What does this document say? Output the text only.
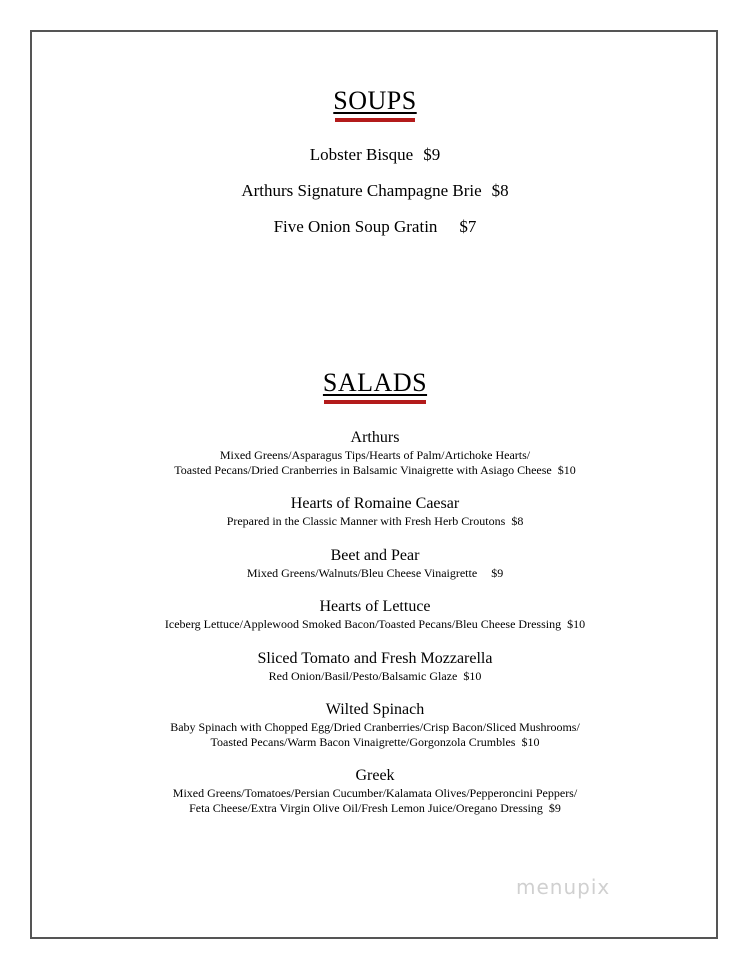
SOUPS
Lobster Bisque $9
Arthurs Signature Champagne Brie $8
Five Onion Soup Gratin $7
SALADS
Arthurs
Mixed Greens/Asparagus Tips/Hearts of Palm/Artichoke Hearts/
Toasted Pecans/Dried Cranberries in Balsamic Vinaigrette with Asiago Cheese $10
Hearts of Romaine Caesar
Prepared in the Classic Manner with Fresh Herb Croutons $8
Beet and Pear
Mixed Greens/Walnuts/Bleu Cheese Vinaigrette $9
Hearts of Lettuce
Iceberg Lettuce/Applewood Smoked Bacon/Toasted Pecans/Bleu Cheese Dressing $10
Sliced Tomato and Fresh Mozzarella
Red Onion/Basil/Pesto/Balsamic Glaze $10
Wilted Spinach
Baby Spinach with Chopped Egg/Dried Cranberries/Crisp Bacon/Sliced Mushrooms/
Toasted Pecans/Warm Bacon Vinaigrette/Gorgonzola Crumbles $10
Greek
Mixed Greens/Tomatoes/Persian Cucumber/Kalamata Olives/Pepperoncini Peppers/
Feta Cheese/Extra Virgin Olive Oil/Fresh Lemon Juice/Oregano Dressing $9
menupix
